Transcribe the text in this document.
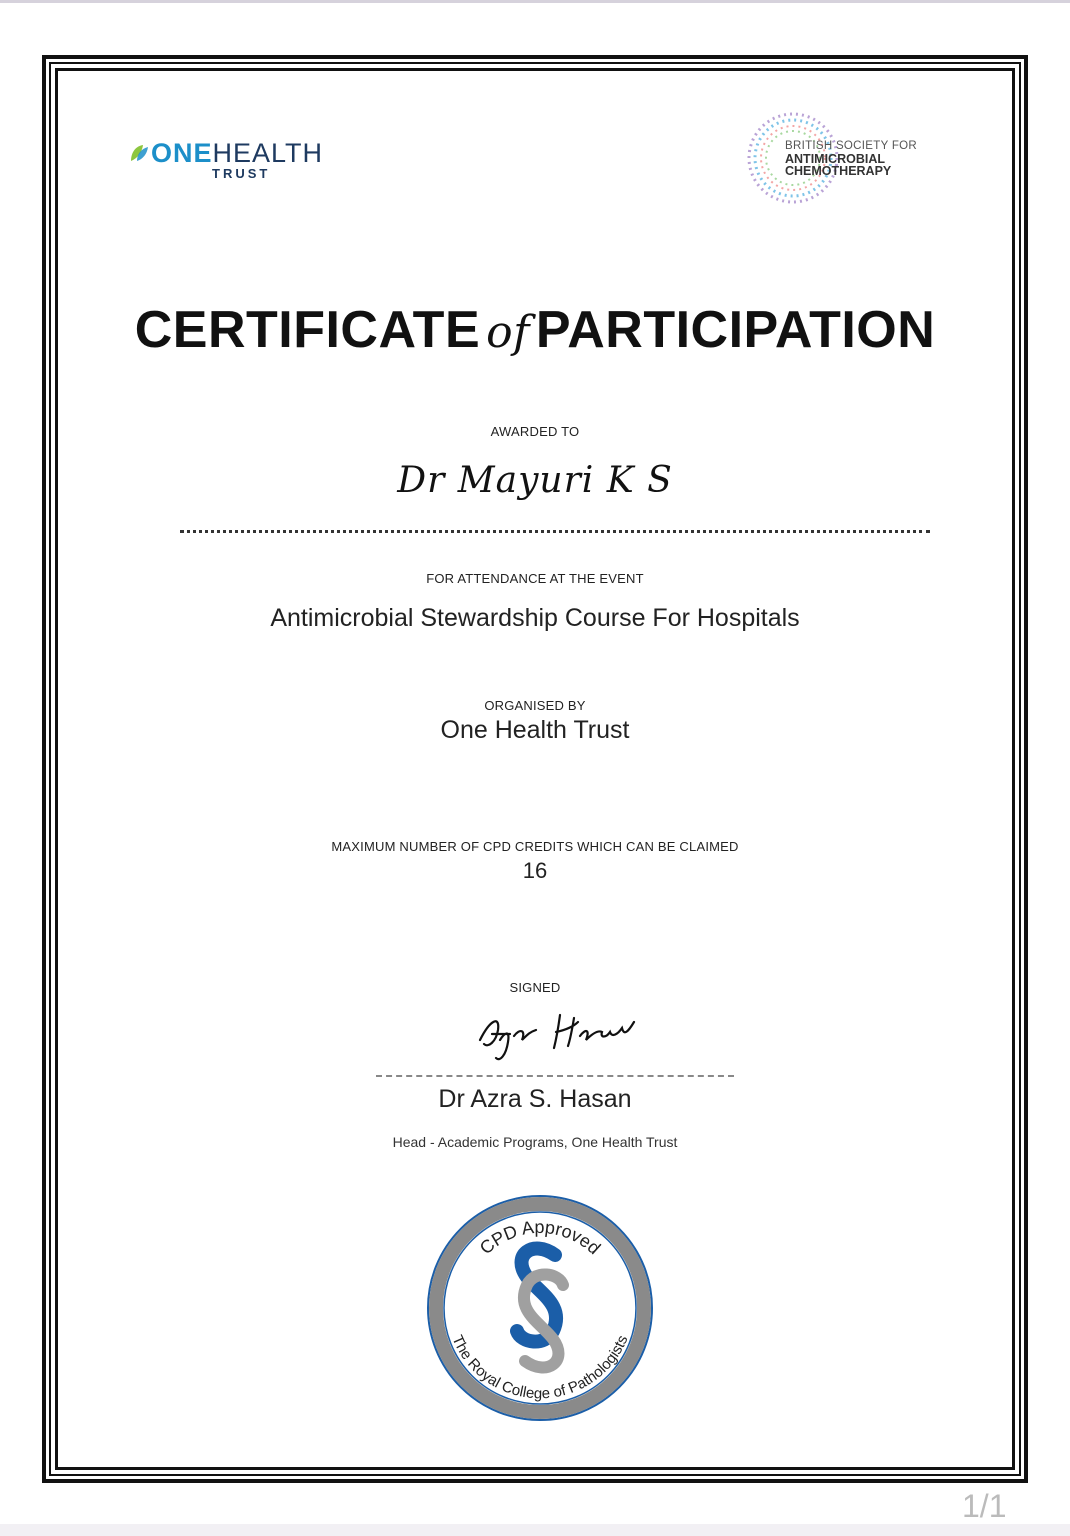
ONEHEALTH
TRUST
BRITISH SOCIETY FOR
ANTIMICROBIAL
CHEMOTHERAPY
CERTIFICATE of PARTICIPATION
AWARDED TO
Dr Mayuri K S
FOR ATTENDANCE AT THE EVENT
Antimicrobial Stewardship Course For Hospitals
ORGANISED BY
One Health Trust
MAXIMUM NUMBER OF CPD CREDITS WHICH CAN BE CLAIMED
16
SIGNED
Dr Azra S. Hasan
Head - Academic Programs, One Health Trust
CPD Approved
The Royal College of Pathologists
1/1
